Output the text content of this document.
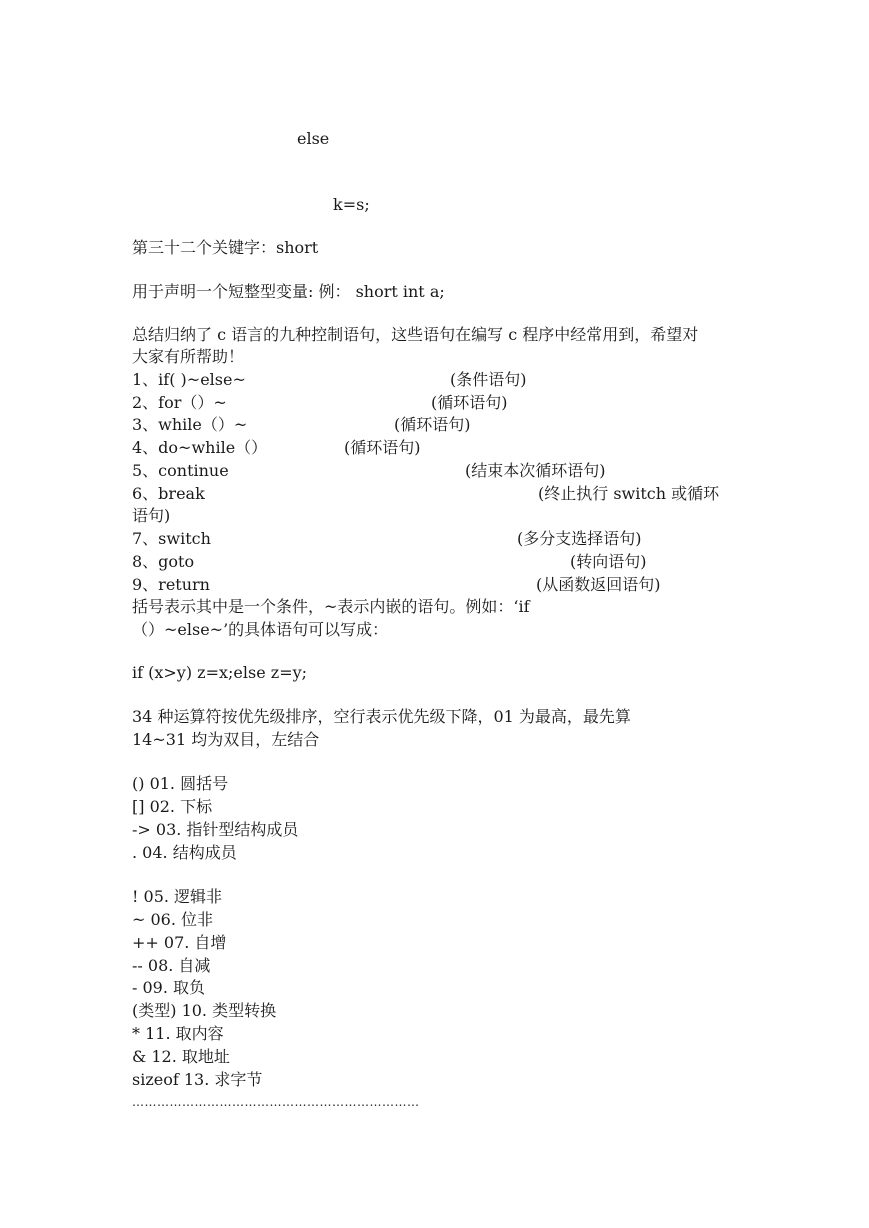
else
k=s;
第三十二个关键字：short
用于声明一个短整型变量: 例： short int a;
总结归纳了 c 语言的九种控制语句，这些语句在编写 c 程序中经常用到，希望对
大家有所帮助！
1、if( )~else~	(条件语句)
2、for（）~	(循环语句)
3、while（）~	(循环语句)
4、do~while（）	(循环语句)
5、continue	(结束本次循环语句)
6、break	(终止执行 switch 或循环
语句)
7、switch	(多分支选择语句)
8、goto	(转向语句)
9、return	(从函数返回语句)
括号表示其中是一个条件，~表示内嵌的语句。例如：‘if
（）~else~’的具体语句可以写成：
if (x>y) z=x;else z=y;
34 种运算符按优先级排序，空行表示优先级下降，01 为最高，最先算
14~31 均为双目，左结合
() 01. 圆括号
[] 02. 下标
-> 03. 指针型结构成员
. 04. 结构成员
! 05. 逻辑非
~ 06. 位非
++ 07. 自增
-- 08. 自减
- 09. 取负
(类型) 10. 类型转换
* 11. 取内容
& 12. 取地址
sizeof 13. 求字节
……………………………………………………………
